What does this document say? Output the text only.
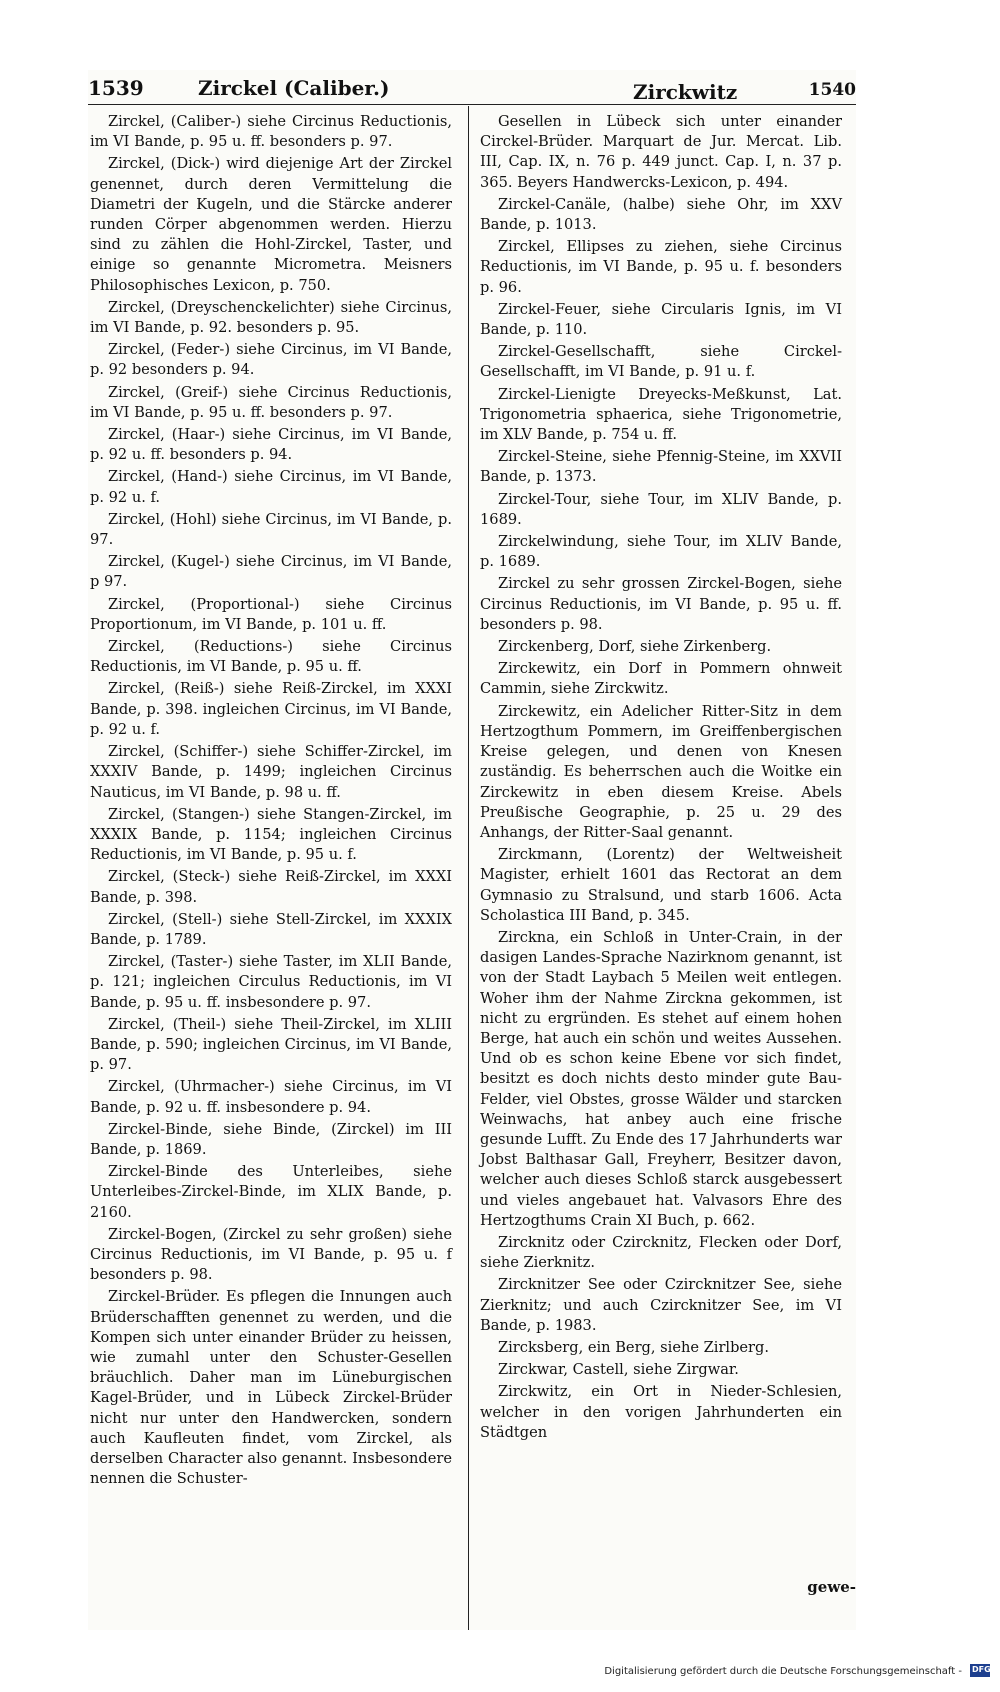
1539	Zirckel (Caliber.)	Zirckwitz	1540

Zirckel, (Caliber-) siehe Circinus Reductionis, im VI Bande, p. 95 u. ff. besonders p. 97.

Zirckel, (Dick-) wird diejenige Art der Zirckel genennet, durch deren Vermittelung die Diametri der Kugeln, und die Stärcke anderer runden Cörper abgenommen werden. Hierzu sind zu zählen die Hohl-Zirckel, Taster, und einige so genannte Micrometra. Meisners Philosophisches Lexicon, p. 750.

Zirckel, (Dreyschenckelichter) siehe Circinus, im VI Bande, p. 92. besonders p. 95.

Zirckel, (Feder-) siehe Circinus, im VI Bande, p. 92 besonders p. 94.

Zirckel, (Greif-) siehe Circinus Reductionis, im VI Bande, p. 95 u. ff. besonders p. 97.

Zirckel, (Haar-) siehe Circinus, im VI Bande, p. 92 u. ff. besonders p. 94.

Zirckel, (Hand-) siehe Circinus, im VI Bande, p. 92 u. f.

Zirckel, (Hohl) siehe Circinus, im VI Bande, p. 97.

Zirckel, (Kugel-) siehe Circinus, im VI Bande, p 97.

Zirckel, (Proportional-) siehe Circinus Proportionum, im VI Bande, p. 101 u. ff.

Zirckel, (Reductions-) siehe Circinus Reductionis, im VI Bande, p. 95 u. ff.

Zirckel, (Reiß-) siehe Reiß-Zirckel, im XXXI Bande, p. 398. ingleichen Circinus, im VI Bande, p. 92 u. f.

Zirckel, (Schiffer-) siehe Schiffer-Zirckel, im XXXIV Bande, p. 1499; ingleichen Circinus Nauticus, im VI Bande, p. 98 u. ff.

Zirckel, (Stangen-) siehe Stangen-Zirckel, im XXXIX Bande, p. 1154; ingleichen Circinus Reductionis, im VI Bande, p. 95 u. f.

Zirckel, (Steck-) siehe Reiß-Zirckel, im XXXI Bande, p. 398.

Zirckel, (Stell-) siehe Stell-Zirckel, im XXXIX Bande, p. 1789.

Zirckel, (Taster-) siehe Taster, im XLII Bande, p. 121; ingleichen Circulus Reductionis, im VI Bande, p. 95 u. ff. insbesondere p. 97.

Zirckel, (Theil-) siehe Theil-Zirckel, im XLIII Bande, p. 590; ingleichen Circinus, im VI Bande, p. 97.

Zirckel, (Uhrmacher-) siehe Circinus, im VI Bande, p. 92 u. ff. insbesondere p. 94.

Zirckel-Binde, siehe Binde, (Zirckel) im III Bande, p. 1869.

Zirckel-Binde des Unterleibes, siehe Unterleibes-Zirckel-Binde, im XLIX Bande, p. 2160.

Zirckel-Bogen, (Zirckel zu sehr großen) siehe Circinus Reductionis, im VI Bande, p. 95 u. f besonders p. 98.

Zirckel-Brüder. Es pflegen die Innungen auch Brüderschafften genennet zu werden, und die Kompen sich unter einander Brüder zu heissen, wie zumahl unter den Schuster-Gesellen bräuchlich. Daher man im Lüneburgischen Kagel-Brüder, und in Lübeck Zirckel-Brüder nicht nur unter den Handwercken, sondern auch Kaufleuten findet, vom Zirckel, als derselben Character also genannt. Insbesondere nennen die Schuster-

Gesellen in Lübeck sich unter einander Circkel-Brüder. Marquart de Jur. Mercat. Lib. III, Cap. IX, n. 76 p. 449 junct. Cap. I, n. 37 p. 365. Beyers Handwercks-Lexicon, p. 494.

Zirckel-Canäle, (halbe) siehe Ohr, im XXV Bande, p. 1013.

Zirckel, Ellipses zu ziehen, siehe Circinus Reductionis, im VI Bande, p. 95 u. f. besonders p. 96.

Zirckel-Feuer, siehe Circularis Ignis, im VI Bande, p. 110.

Zirckel-Gesellschafft, siehe Circkel-Gesellschafft, im VI Bande, p. 91 u. f.

Zirckel-Lienigte Dreyecks-Meßkunst, Lat. Trigonometria sphaerica, siehe Trigonometrie, im XLV Bande, p. 754 u. ff.

Zirckel-Steine, siehe Pfennig-Steine, im XXVII Bande, p. 1373.

Zirckel-Tour, siehe Tour, im XLIV Bande, p. 1689.

Zirckelwindung, siehe Tour, im XLIV Bande, p. 1689.

Zirckel zu sehr grossen Zirckel-Bogen, siehe Circinus Reductionis, im VI Bande, p. 95 u. ff. besonders p. 98.

Zirckenberg, Dorf, siehe Zirkenberg.

Zirckewitz, ein Dorf in Pommern ohnweit Cammin, siehe Zirckwitz.

Zirckewitz, ein Adelicher Ritter-Sitz in dem Hertzogthum Pommern, im Greiffenbergischen Kreise gelegen, und denen von Knesen zuständig. Es beherrschen auch die Woitke ein Zirckewitz in eben diesem Kreise. Abels Preußische Geographie, p. 25 u. 29 des Anhangs, der Ritter-Saal genannt.

Zirckmann, (Lorentz) der Weltweisheit Magister, erhielt 1601 das Rectorat an dem Gymnasio zu Stralsund, und starb 1606. Acta Scholastica III Band, p. 345.

Zirckna, ein Schloß in Unter-Crain, in der dasigen Landes-Sprache Nazirknom genannt, ist von der Stadt Laybach 5 Meilen weit entlegen. Woher ihm der Nahme Zirckna gekommen, ist nicht zu ergründen. Es stehet auf einem hohen Berge, hat auch ein schön und weites Aussehen. Und ob es schon keine Ebene vor sich findet, besitzt es doch nichts desto minder gute Bau-Felder, viel Obstes, grosse Wälder und starcken Weinwachs, hat anbey auch eine frische gesunde Lufft. Zu Ende des 17 Jahrhunderts war Jobst Balthasar Gall, Freyherr, Besitzer davon, welcher auch dieses Schloß starck ausgebessert und vieles angebauet hat. Valvasors Ehre des Hertzogthums Crain XI Buch, p. 662.

Zircknitz oder Czircknitz, Flecken oder Dorf, siehe Zierknitz.

Zircknitzer See oder Czircknitzer See, siehe Zierknitz; und auch Czircknitzer See, im VI Bande, p. 1983.

Zircksberg, ein Berg, siehe Zirlberg.

Zirckwar, Castell, siehe Zirgwar.

Zirckwitz, ein Ort in Nieder-Schlesien, welcher in den vorigen Jahrhunderten ein Städtgen

gewe-
Digitalisierung gefördert durch die Deutsche Forschungsgemeinschaft - DFG
